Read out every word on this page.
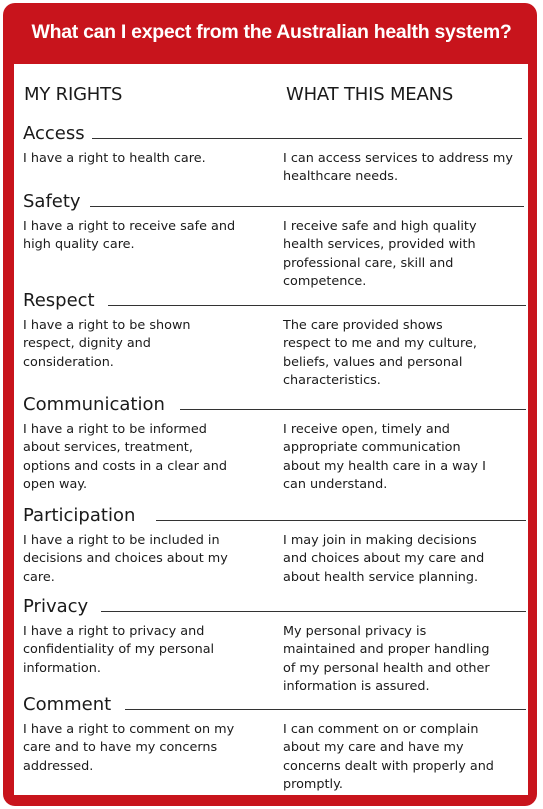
What can I expect from the Australian health system?
MY RIGHTS	WHAT THIS MEANS
Access
I have a right to health care.	I can access services to address my
healthcare needs.
Safety
I have a right to receive safe and
high quality care.
I receive safe and high quality
health services, provided with
professional care, skill and
competence.
Respect
I have a right to be shown
respect, dignity and
consideration.
The care provided shows
respect to me and my culture,
beliefs, values and personal
characteristics.
Communication
I have a right to be informed
about services, treatment,
options and costs in a clear and
open way.
I receive open, timely and
appropriate communication
about my health care in a way I
can understand.
Participation
I have a right to be included in
decisions and choices about my
care.
I may join in making decisions
and choices about my care and
about health service planning.
Privacy
I have a right to privacy and
confidentiality of my personal
information.
My personal privacy is
maintained and proper handling
of my personal health and other
information is assured.
Comment
I have a right to comment on my
care and to have my concerns
addressed.
I can comment on or complain
about my care and have my
concerns dealt with properly and
promptly.
